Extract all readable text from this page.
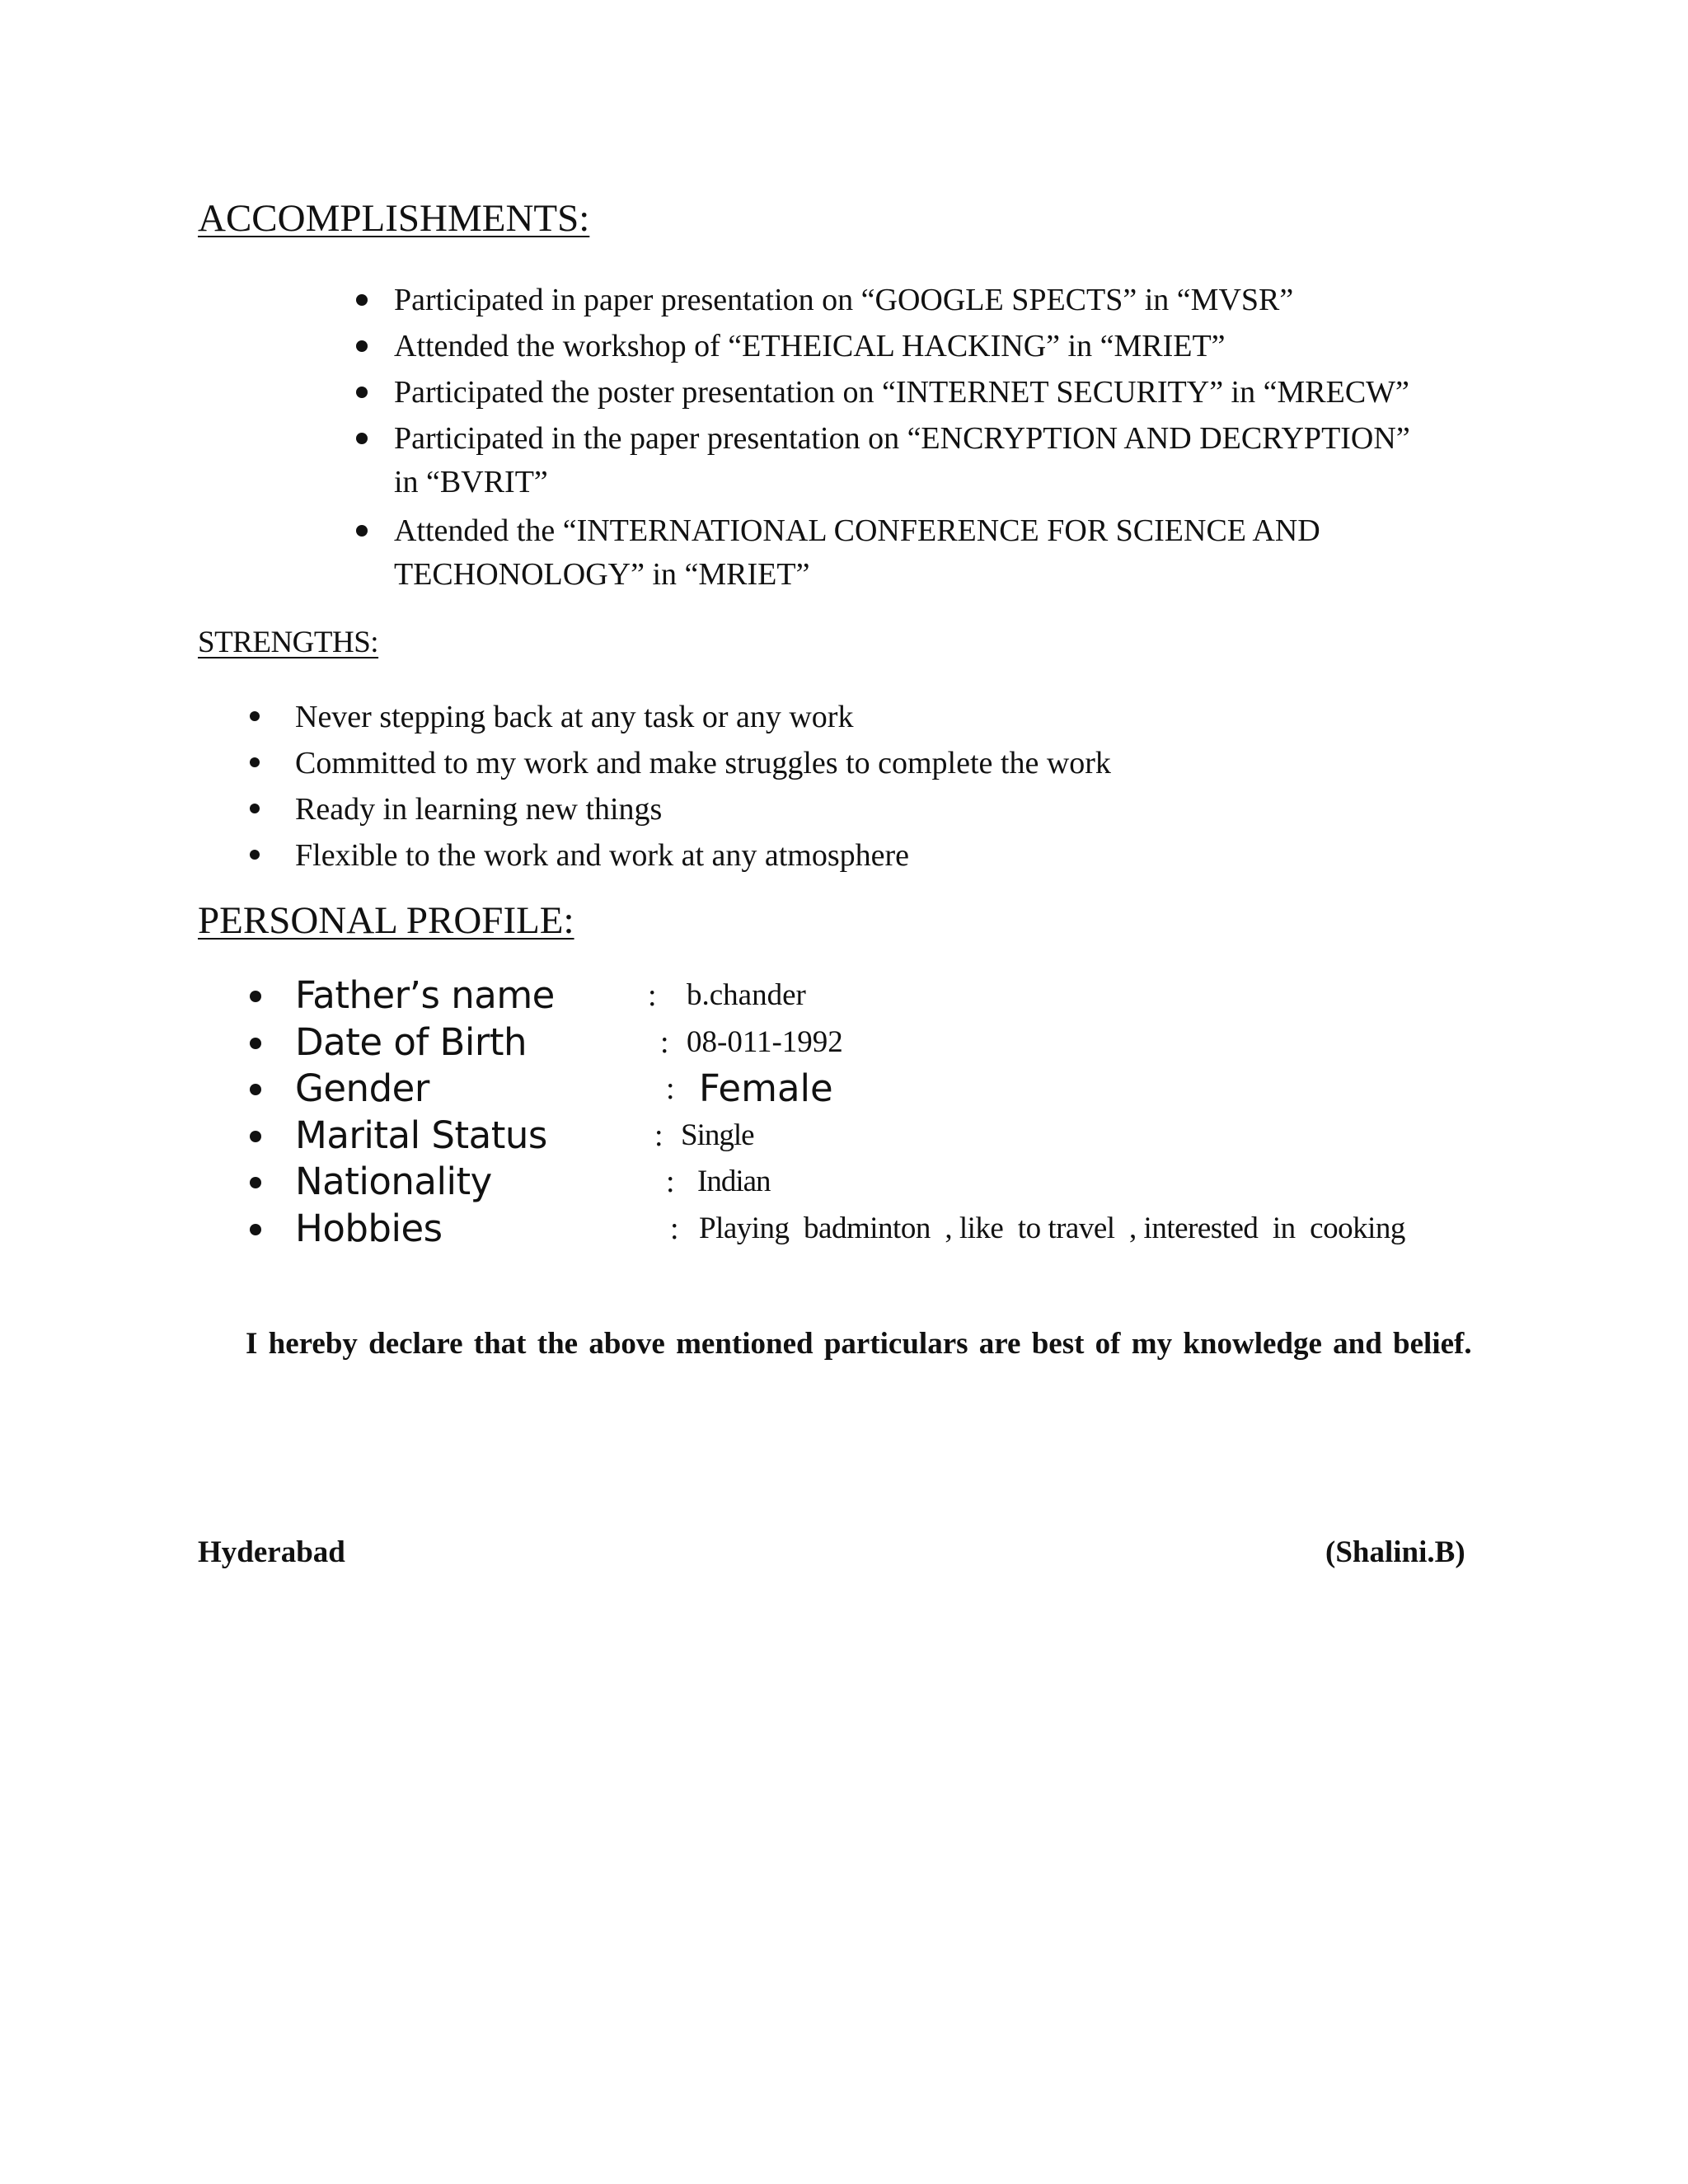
ACCOMPLISHMENTS:
Participated in paper presentation on “GOOGLE SPECTS” in “MVSR”
Attended the workshop of “ETHEICAL HACKING” in “MRIET”
Participated the poster presentation on “INTERNET SECURITY” in “MRECW”
Participated in the paper presentation on “ENCRYPTION AND DECRYPTION”
in “BVRIT”
Attended the “INTERNATIONAL CONFERENCE FOR SCIENCE AND
TECHONOLOGY” in “MRIET”
STRENGTHS:
Never stepping back at any task or any work
Committed to my work and make struggles to complete the work
Ready in learning new things
Flexible to the work and work at any atmosphere
PERSONAL PROFILE:
Father’s name	: b.chander
Date of Birth	: 08-011-1992
Gender	: Female
Marital Status	: Single
Nationality	: Indian
Hobbies	: Playing  badminton  , like  to travel  , interested  in  cooking

I hereby declare that the above mentioned particulars are best of my knowledge and belief.

Hyderabad	(Shalini.B)
